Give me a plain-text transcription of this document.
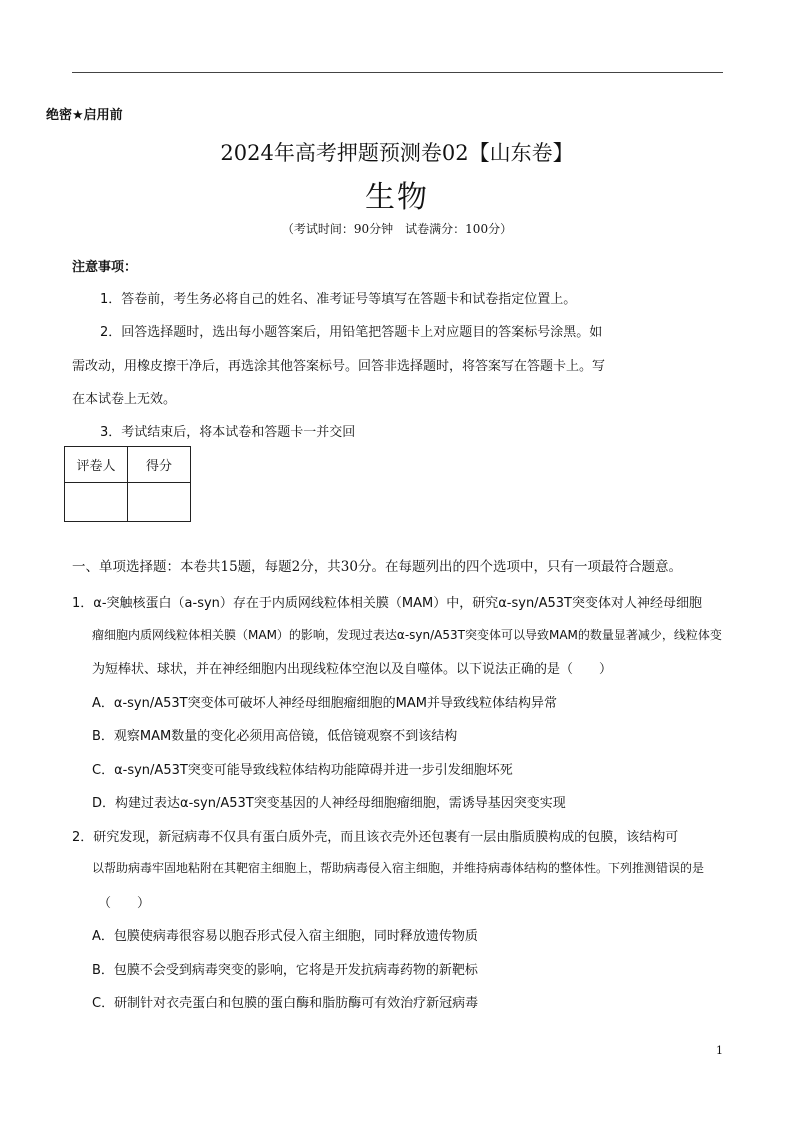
绝密★启用前
2024年高考押题预测卷02【山东卷】
生物
（考试时间：90分钟　试卷满分：100分）
注意事项：
1．答卷前，考生务必将自己的姓名、准考证号等填写在答题卡和试卷指定位置上。
2．回答选择题时，选出每小题答案后，用铅笔把答题卡上对应题目的答案标号涂黑。如
需改动，用橡皮擦干净后，再选涂其他答案标号。回答非选择题时，将答案写在答题卡上。写
在本试卷上无效。
3．考试结束后，将本试卷和答题卡一并交回
评卷人	得分

一、单项选择题：本卷共15题，每题2分，共30分。在每题列出的四个选项中，只有一项最符合题意。
1．α-突触核蛋白（a-syn）存在于内质网线粒体相关膜（MAM）中，研究α-syn/A53T突变体对人神经母细胞
瘤细胞内质网线粒体相关膜（MAM）的影响，发现过表达α-syn/A53T突变体可以导致MAM的数量显著减少，线粒体变
为短棒状、球状，并在神经细胞内出现线粒体空泡以及自噬体。以下说法正确的是（　　）
A．α-syn/A53T突变体可破坏人神经母细胞瘤细胞的MAM并导致线粒体结构异常
B．观察MAM数量的变化必须用高倍镜，低倍镜观察不到该结构
C．α-syn/A53T突变可能导致线粒体结构功能障碍并进一步引发细胞坏死
D．构建过表达α-syn/A53T突变基因的人神经母细胞瘤细胞，需诱导基因突变实现
2．研究发现，新冠病毒不仅具有蛋白质外壳，而且该衣壳外还包裹有一层由脂质膜构成的包膜，该结构可
以帮助病毒牢固地粘附在其靶宿主细胞上，帮助病毒侵入宿主细胞，并维持病毒体结构的整体性。下列推测错误的是
（　　）
A．包膜使病毒很容易以胞吞形式侵入宿主细胞，同时释放遗传物质
B．包膜不会受到病毒突变的影响，它将是开发抗病毒药物的新靶标
C．研制针对衣壳蛋白和包膜的蛋白酶和脂肪酶可有效治疗新冠病毒
1
